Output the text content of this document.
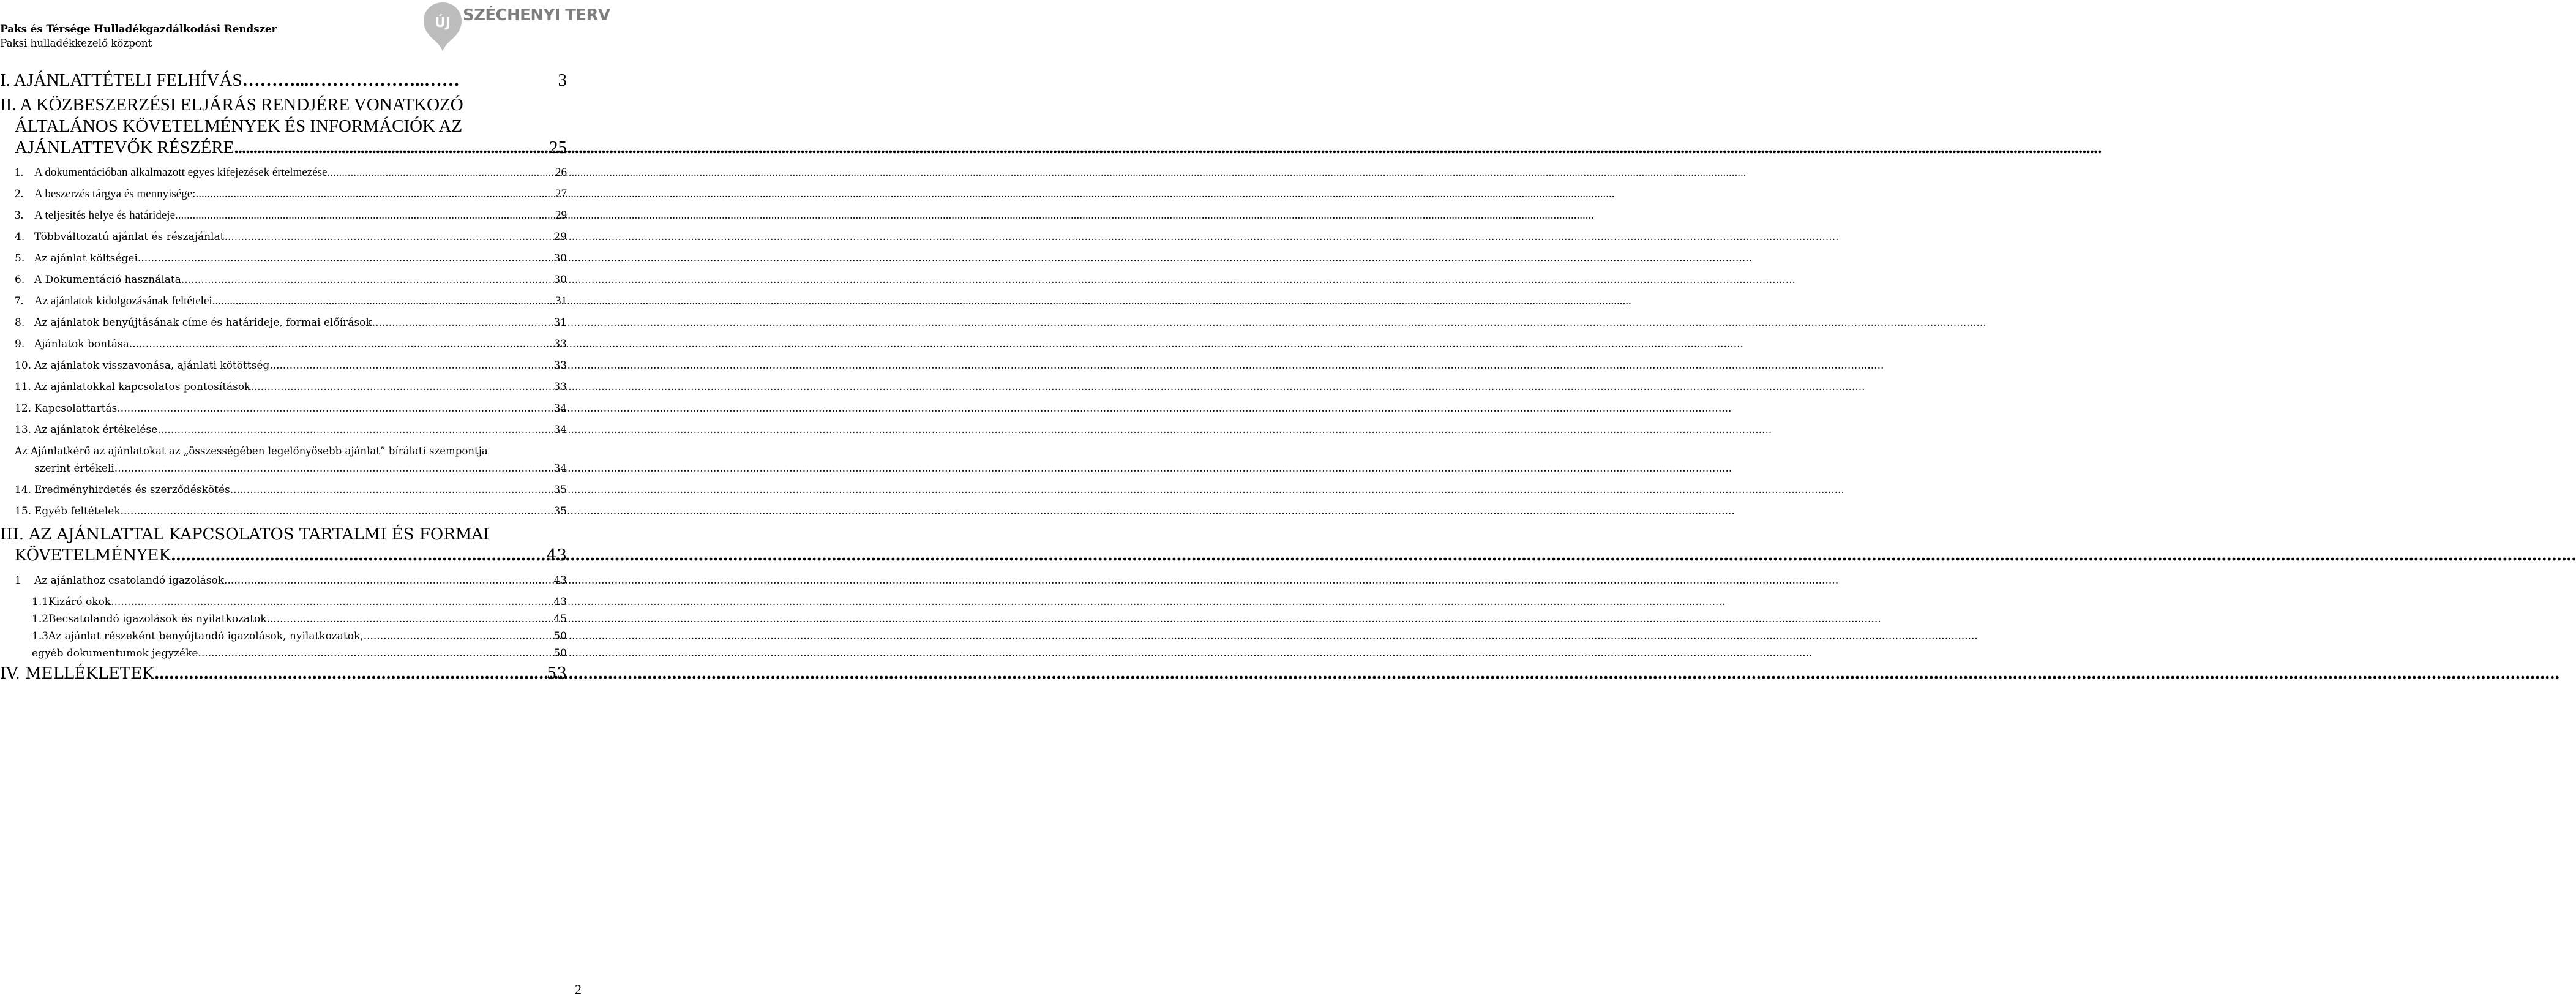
Paks és Térsége Hulladékgazdálkodási Rendszer
Paksi hulladékkezelő központ
ÚJ SZÉCHENYI TERV
I. AJÁNLATTÉTELI FELHÍVÁS ………...………………..……	3
II. A KÖZBESZERZÉSI ELJÁRÁS RENDJÉRE VONATKOZÓ
ÁLTALÁNOS KÖVETELMÉNYEK ÉS INFORMÁCIÓK AZ
AJÁNLATTEVŐK RÉSZÉRE .....	25
1. A dokumentációban alkalmazott egyes kifejezések értelmezése .....	26
2. A beszerzés tárgya és mennyisége: .....	27
3. A teljesítés helye és határideje .....	29
4. Többváltozatú ajánlat és részajánlat .....	29
5. Az ajánlat költségei .....	30
6. A Dokumentáció használata .....	30
7. Az ajánlatok kidolgozásának feltételei .....	31
8. Az ajánlatok benyújtásának címe és határideje, formai előírások .....	31
9. Ajánlatok bontása .....	33
10. Az ajánlatok visszavonása, ajánlati kötöttség .....	33
11. Az ajánlatokkal kapcsolatos pontosítások .....	33
12. Kapcsolattartás .....	34
13. Az ajánlatok értékelése .....	34
Az Ajánlatkérő az ajánlatokat az „összességében legelőnyösebb ajánlat” bírálati szempontja
szerint értékeli. .....	34
14. Eredményhirdetés és szerződéskötés .....	35
15. Egyéb feltételek .....	35
III. AZ AJÁNLATTAL KAPCSOLATOS TARTALMI ÉS FORMAI
KÖVETELMÉNYEK .....	43
1	Az ajánlathoz csatolandó igazolások .....	43
1.1 Kizáró okok .....	43
1.2 Becsatolandó igazolások és nyilatkozatok .....	45
1.3 Az ajánlat részeként benyújtandó igazolások, nyilatkozatok, .....	50
egyéb dokumentumok jegyzéke .....	50
IV. MELLÉKLETEK .....	53
2
